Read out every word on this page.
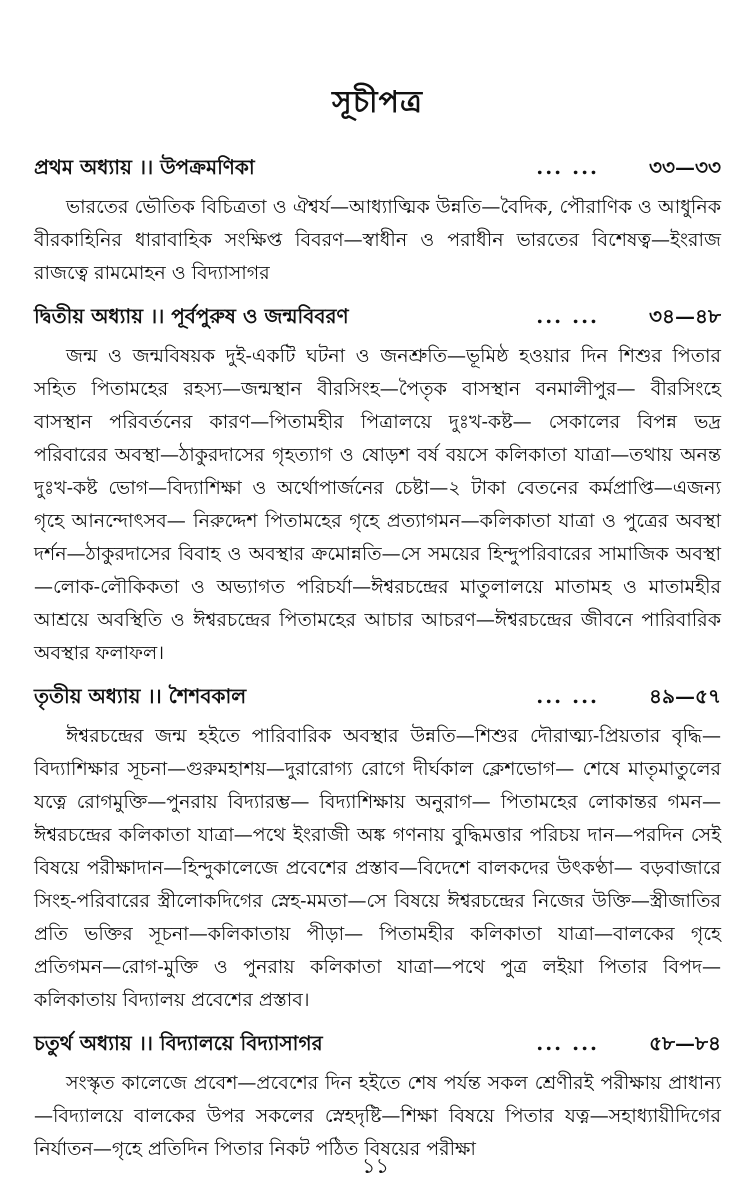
সূচীপত্র
প্রথম অধ্যায় ।। উপক্রমণিকা	... ...	৩৩—৩৩

ভারতের ভৌতিক বিচিত্রতা ও ঐশ্বর্য—আধ্যাত্মিক উন্নতি—বৈদিক, পৌরাণিক ও আধুনিক বীরকাহিনির ধারাবাহিক সংক্ষিপ্ত বিবরণ—স্বাধীন ও পরাধীন ভারতের বিশেষত্ব—ইংরাজ রাজত্বে রামমোহন ও বিদ্যাসাগর

দ্বিতীয় অধ্যায় ।। পূর্বপুরুষ ও জন্মবিবরণ	... ...	৩৪—৪৮

জন্ম ও জন্মবিষয়ক দুই-একটি ঘটনা ও জনশ্রুতি—ভূমিষ্ঠ হওয়ার দিন শিশুর পিতার সহিত পিতামহের রহস্য—জন্মস্থান বীরসিংহ—পৈতৃক বাসস্থান বনমালীপুর— বীরসিংহে বাসস্থান পরিবর্তনের কারণ—পিতামহীর পিত্রালয়ে দুঃখ-কষ্ট— সেকালের বিপন্ন ভদ্র পরিবারের অবস্থা—ঠাকুরদাসের গৃহত্যাগ ও ষোড়শ বর্ষ বয়সে কলিকাতা যাত্রা—তথায় অনন্ত দুঃখ-কষ্ট ভোগ—বিদ্যাশিক্ষা ও অর্থোপার্জনের চেষ্টা—২ টাকা বেতনের কর্মপ্রাপ্তি—এজন্য গৃহে আনন্দোৎসব— নিরুদ্দেশ পিতামহের গৃহে প্রত্যাগমন—কলিকাতা যাত্রা ও পুত্রের অবস্থা দর্শন—ঠাকুরদাসের বিবাহ ও অবস্থার ক্রমোন্নতি—সে সময়ের হিন্দুপরিবারের সামাজিক অবস্থা—লোক-লৌকিকতা ও অভ্যাগত পরিচর্যা—ঈশ্বরচন্দ্রের মাতুলালয়ে মাতামহ ও মাতামহীর আশ্রয়ে অবস্থিতি ও ঈশ্বরচন্দ্রের পিতামহের আচার আচরণ—ঈশ্বরচন্দ্রের জীবনে পারিবারিক অবস্থার ফলাফল।

তৃতীয় অধ্যায় ।। শৈশবকাল	... ...	৪৯—৫৭

ঈশ্বরচন্দ্রের জন্ম হইতে পারিবারিক অবস্থার উন্নতি—শিশুর দৌরাত্ম্য-প্রিয়তার বৃদ্ধি—বিদ্যাশিক্ষার সূচনা—গুরুমহাশয়—দুরারোগ্য রোগে দীর্ঘকাল ক্লেশভোগ— শেষে মাতৃমাতুলের যত্নে রোগমুক্তি—পুনরায় বিদ্যারম্ভ— বিদ্যাশিক্ষায় অনুরাগ— পিতামহের লোকান্তর গমন—ঈশ্বরচন্দ্রের কলিকাতা যাত্রা—পথে ইংরাজী অঙ্ক গণনায় বুদ্ধিমত্তার পরিচয় দান—পরদিন সেই বিষয়ে পরীক্ষাদান—হিন্দুকালেজে প্রবেশের প্রস্তাব—বিদেশে বালকদের উৎকণ্ঠা— বড়বাজারে সিংহ-পরিবারের স্ত্রীলোকদিগের স্নেহ-মমতা—সে বিষয়ে ঈশ্বরচন্দ্রের নিজের উক্তি—স্ত্রীজাতির প্রতি ভক্তির সূচনা—কলিকাতায় পীড়া— পিতামহীর কলিকাতা যাত্রা—বালকের গৃহে প্রতিগমন—রোগ-মুক্তি ও পুনরায় কলিকাতা যাত্রা—পথে পুত্র লইয়া পিতার বিপদ—কলিকাতায় বিদ্যালয় প্রবেশের প্রস্তাব।

চতুর্থ অধ্যায় ।। বিদ্যালয়ে বিদ্যাসাগর	... ...	৫৮—৮৪

সংস্কৃত কালেজে প্রবেশ—প্রবেশের দিন হইতে শেষ পর্যন্ত সকল শ্রেণীরই পরীক্ষায় প্রাধান্য—বিদ্যালয়ে বালকের উপর সকলের স্নেহদৃষ্টি—শিক্ষা বিষয়ে পিতার যত্ন—সহাধ্যায়ীদিগের নির্যাতন—গৃহে প্রতিদিন পিতার নিকট পঠিত বিষয়ের পরীক্ষা

১১
